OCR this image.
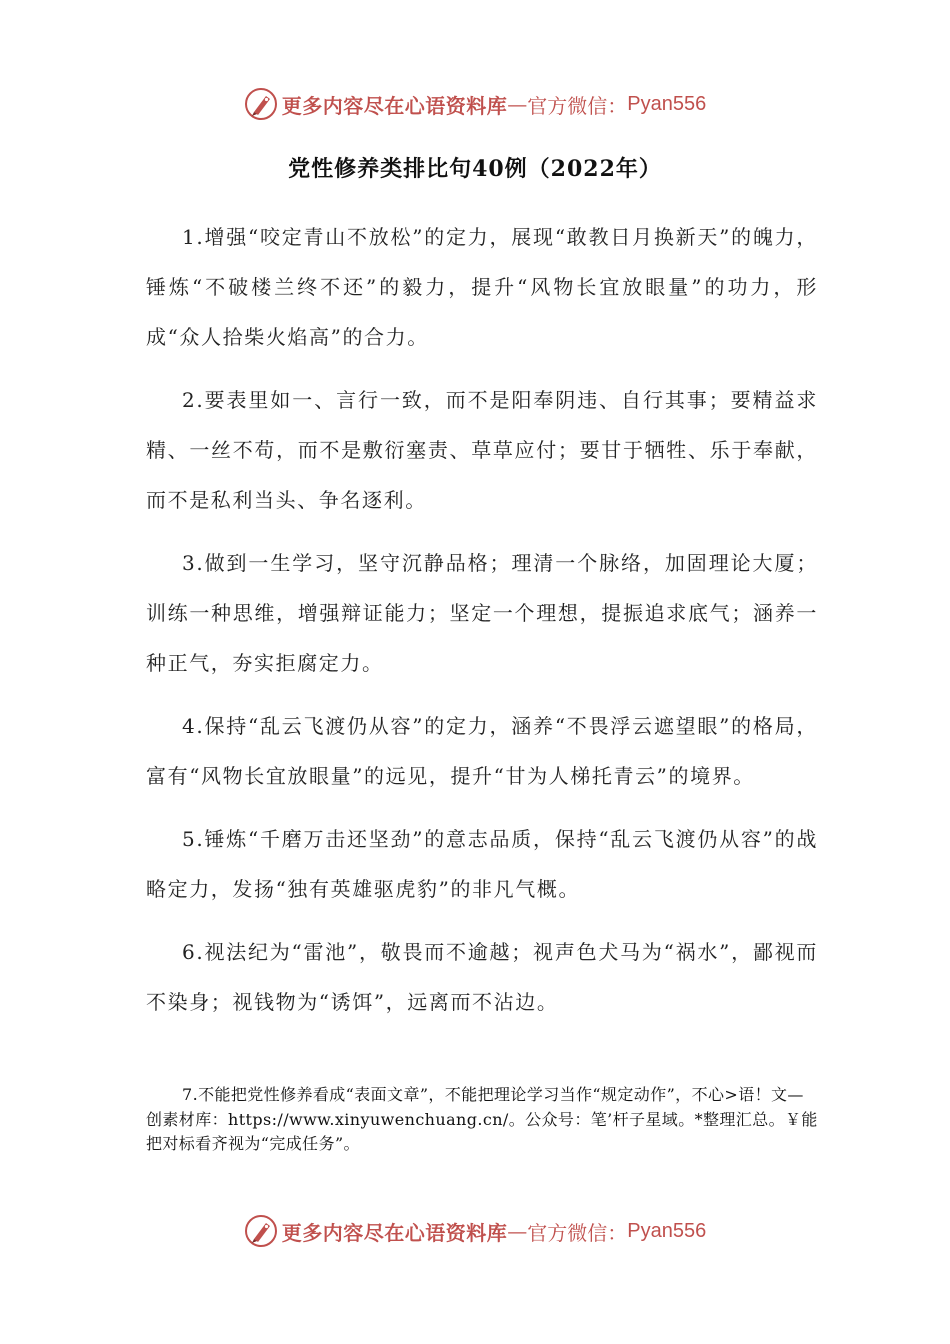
更多内容尽在心语资料库 — 官方微信： Pyan556
党性修养类排比句40例（2022年）

1.增强“咬定青山不放松”的定力，展现“敢教日月换新天”的魄力，锤炼“不破楼兰终不还”的毅力，提升“风物长宜放眼量”的功力，形成“众人拾柴火焰高”的合力。

2.要表里如一、言行一致，而不是阳奉阴违、自行其事；要精益求精、一丝不苟，而不是敷衍塞责、草草应付；要甘于牺牲、乐于奉献，而不是私利当头、争名逐利。

3.做到一生学习，坚守沉静品格；理清一个脉络，加固理论大厦；训练一种思维，增强辩证能力；坚定一个理想，提振追求底气；涵养一种正气，夯实拒腐定力。

4.保持“乱云飞渡仍从容”的定力，涵养“不畏浮云遮望眼”的格局，富有“风物长宜放眼量”的远见，提升“甘为人梯托青云”的境界。

5.锤炼“千磨万击还坚劲”的意志品质，保持“乱云飞渡仍从容”的战略定力，发扬“独有英雄驱虎豹”的非凡气概。

6.视法纪为“雷池”，敬畏而不逾越；视声色犬马为“祸水”，鄙视而不染身；视钱物为“诱饵”，远离而不沾边。

7.不能把党性修养看成“表面文章”，不能把理论学习当作“规定动作”，不心>语！文—创素材库：https://www.xinyuwenchuang.cn/。公众号：笔’杆子星域。*整理汇总。￥能把对标看齐视为“完成任务”。

更多内容尽在心语资料库 — 官方微信： Pyan556
